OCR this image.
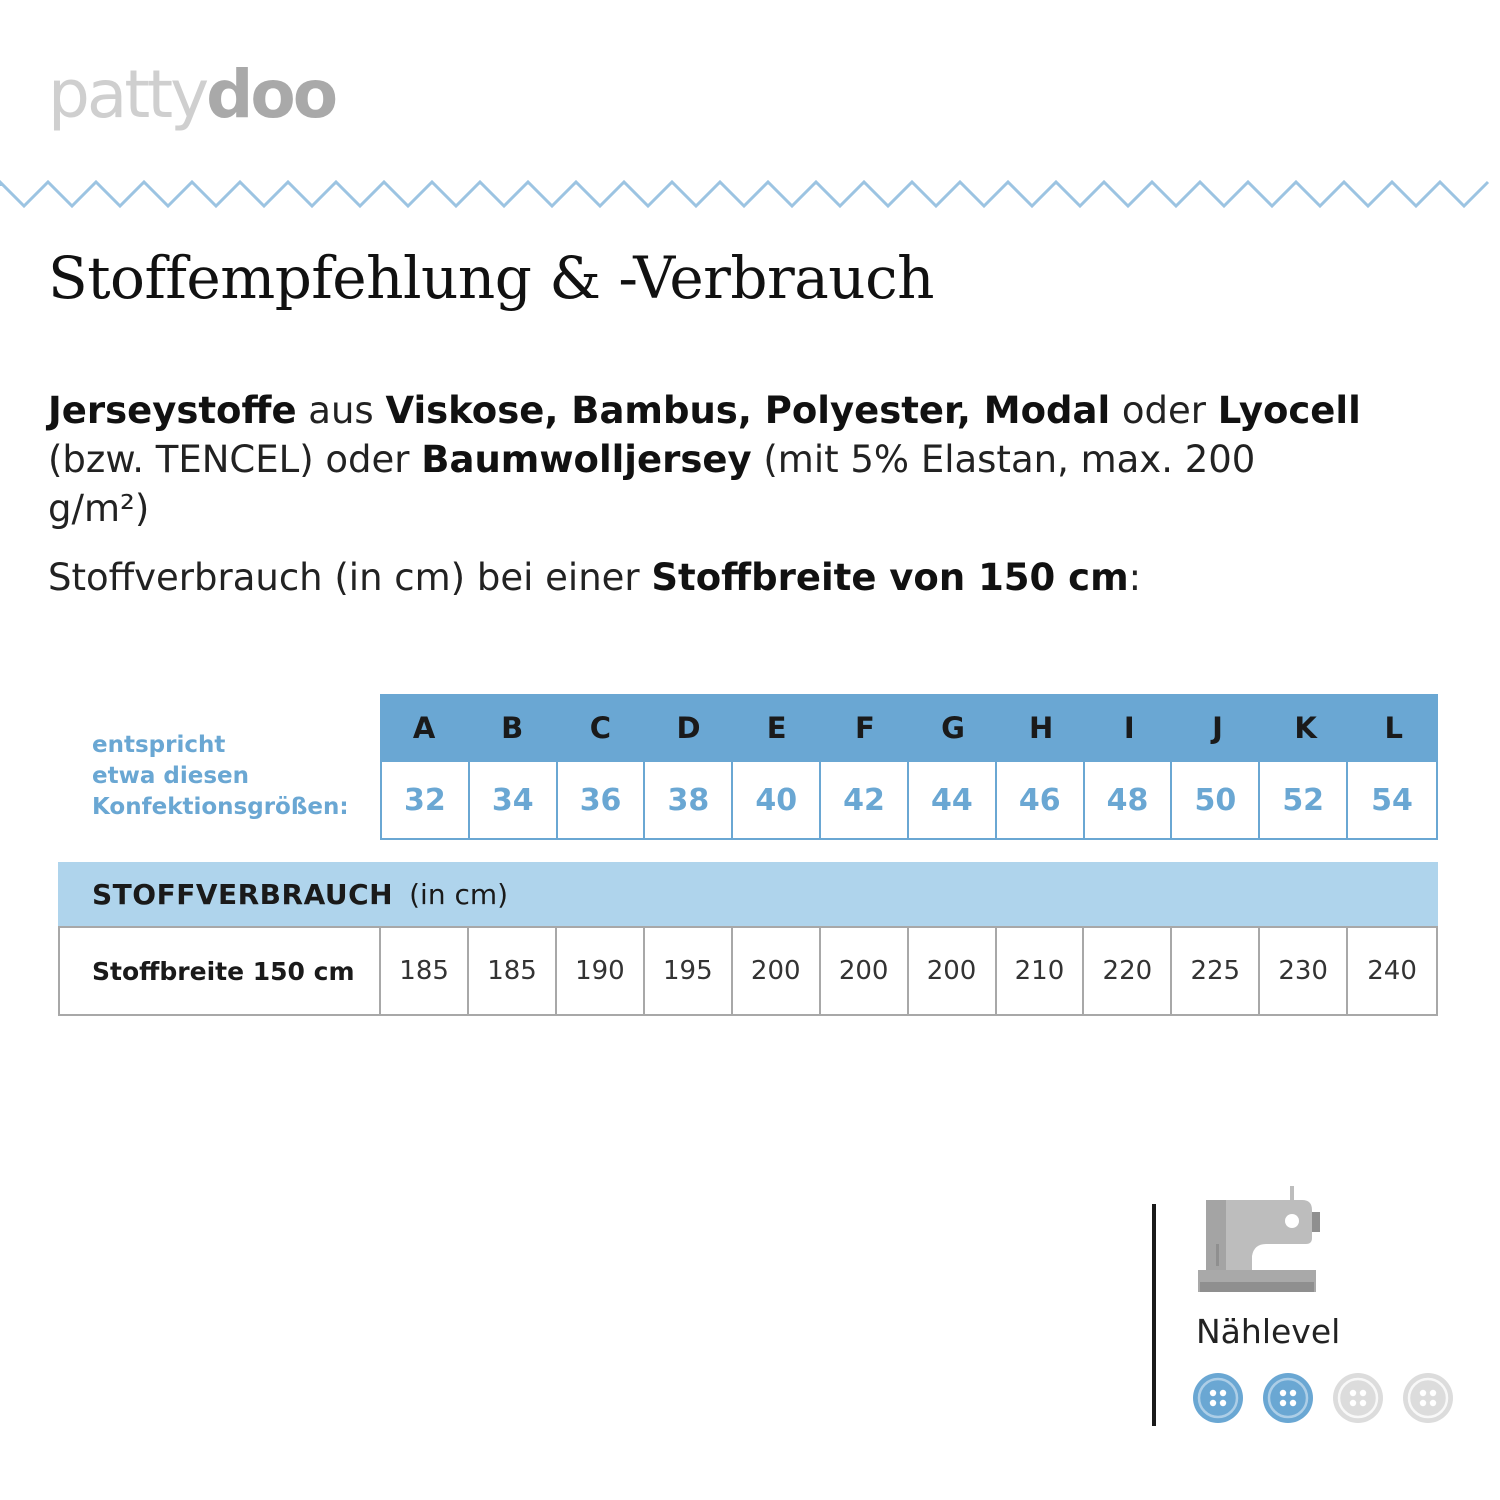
pattydoo
Stoffempfehlung & -Verbrauch

Jerseystoffe aus Viskose, Bambus, Polyester, Modal oder Lyocell (bzw. TENCEL) oder Baumwolljersey (mit 5% Elastan, max. 200 g/m²)

Stoffverbrauch (in cm) bei einer Stoffbreite von 150 cm:

entspricht
etwa diesen
Konfektionsgrößen:
A	B	C	D	E	F	G	H	I	J	K	L
32	34	36	38	40	42	44	46	48	50	52	54
STOFFVERBRAUCH (in cm)
Stoffbreite 150 cm	185	185	190	195	200	200	200	210	220	225	230	240
Nählevel
